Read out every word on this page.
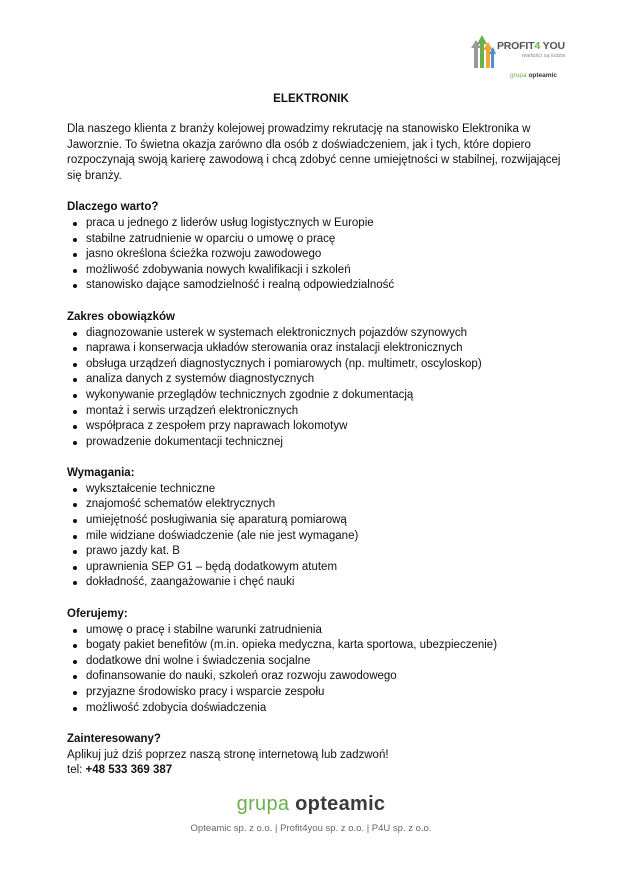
PROFIT4 YOU
wartości są ludzie
grupa opteamic
ELEKTRONIK

Dla naszego klienta z branży kolejowej prowadzimy rekrutację na stanowisko Elektronika w Jaworznie. To świetna okazja zarówno dla osób z doświadczeniem, jak i tych, które dopiero rozpoczynają swoją karierę zawodową i chcą zdobyć cenne umiejętności w stabilnej, rozwijającej się branży.

Dlaczego warto?
praca u jednego z liderów usług logistycznych w Europie
stabilne zatrudnienie w oparciu o umowę o pracę
jasno określona ścieżka rozwoju zawodowego
możliwość zdobywania nowych kwalifikacji i szkoleń
stanowisko dające samodzielność i realną odpowiedzialność
Zakres obowiązków
diagnozowanie usterek w systemach elektronicznych pojazdów szynowych
naprawa i konserwacja układów sterowania oraz instalacji elektronicznych
obsługa urządzeń diagnostycznych i pomiarowych (np. multimetr, oscyloskop)
analiza danych z systemów diagnostycznych
wykonywanie przeglądów technicznych zgodnie z dokumentacją
montaż i serwis urządzeń elektronicznych
współpraca z zespołem przy naprawach lokomotyw
prowadzenie dokumentacji technicznej
Wymagania:
wykształcenie techniczne
znajomość schematów elektrycznych
umiejętność posługiwania się aparaturą pomiarową
mile widziane doświadczenie (ale nie jest wymagane)
prawo jazdy kat. B
uprawnienia SEP G1 – będą dodatkowym atutem
dokładność, zaangażowanie i chęć nauki
Oferujemy:
umowę o pracę i stabilne warunki zatrudnienia
bogaty pakiet benefitów (m.in. opieka medyczna, karta sportowa, ubezpieczenie)
dodatkowe dni wolne i świadczenia socjalne
dofinansowanie do nauki, szkoleń oraz rozwoju zawodowego
przyjazne środowisko pracy i wsparcie zespołu
możliwość zdobycia doświadczenia
Zainteresowany?

Aplikuj już dziś poprzez naszą stronę internetową lub zadzwoń!

tel: +48 533 369 387

grupa opteamic
Opteamic sp. z o.o. | Profit4you sp. z o.o. | P4U sp. z o.o.
